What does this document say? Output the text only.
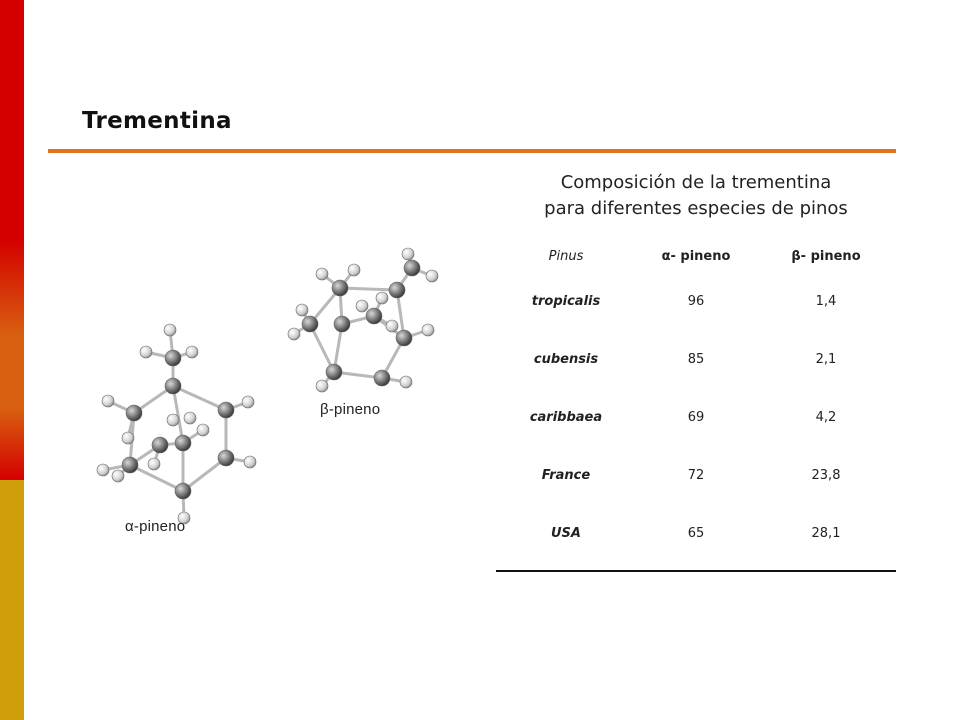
Trementina
α-pineno
β-pineno
Composición de la trementina
para diferentes especies de pinos
Pinus	α- pineno	β- pineno
tropicalis	96	1,4
cubensis	85	2,1
caribbaea	69	4,2
France	72	23,8
USA	65	28,1
